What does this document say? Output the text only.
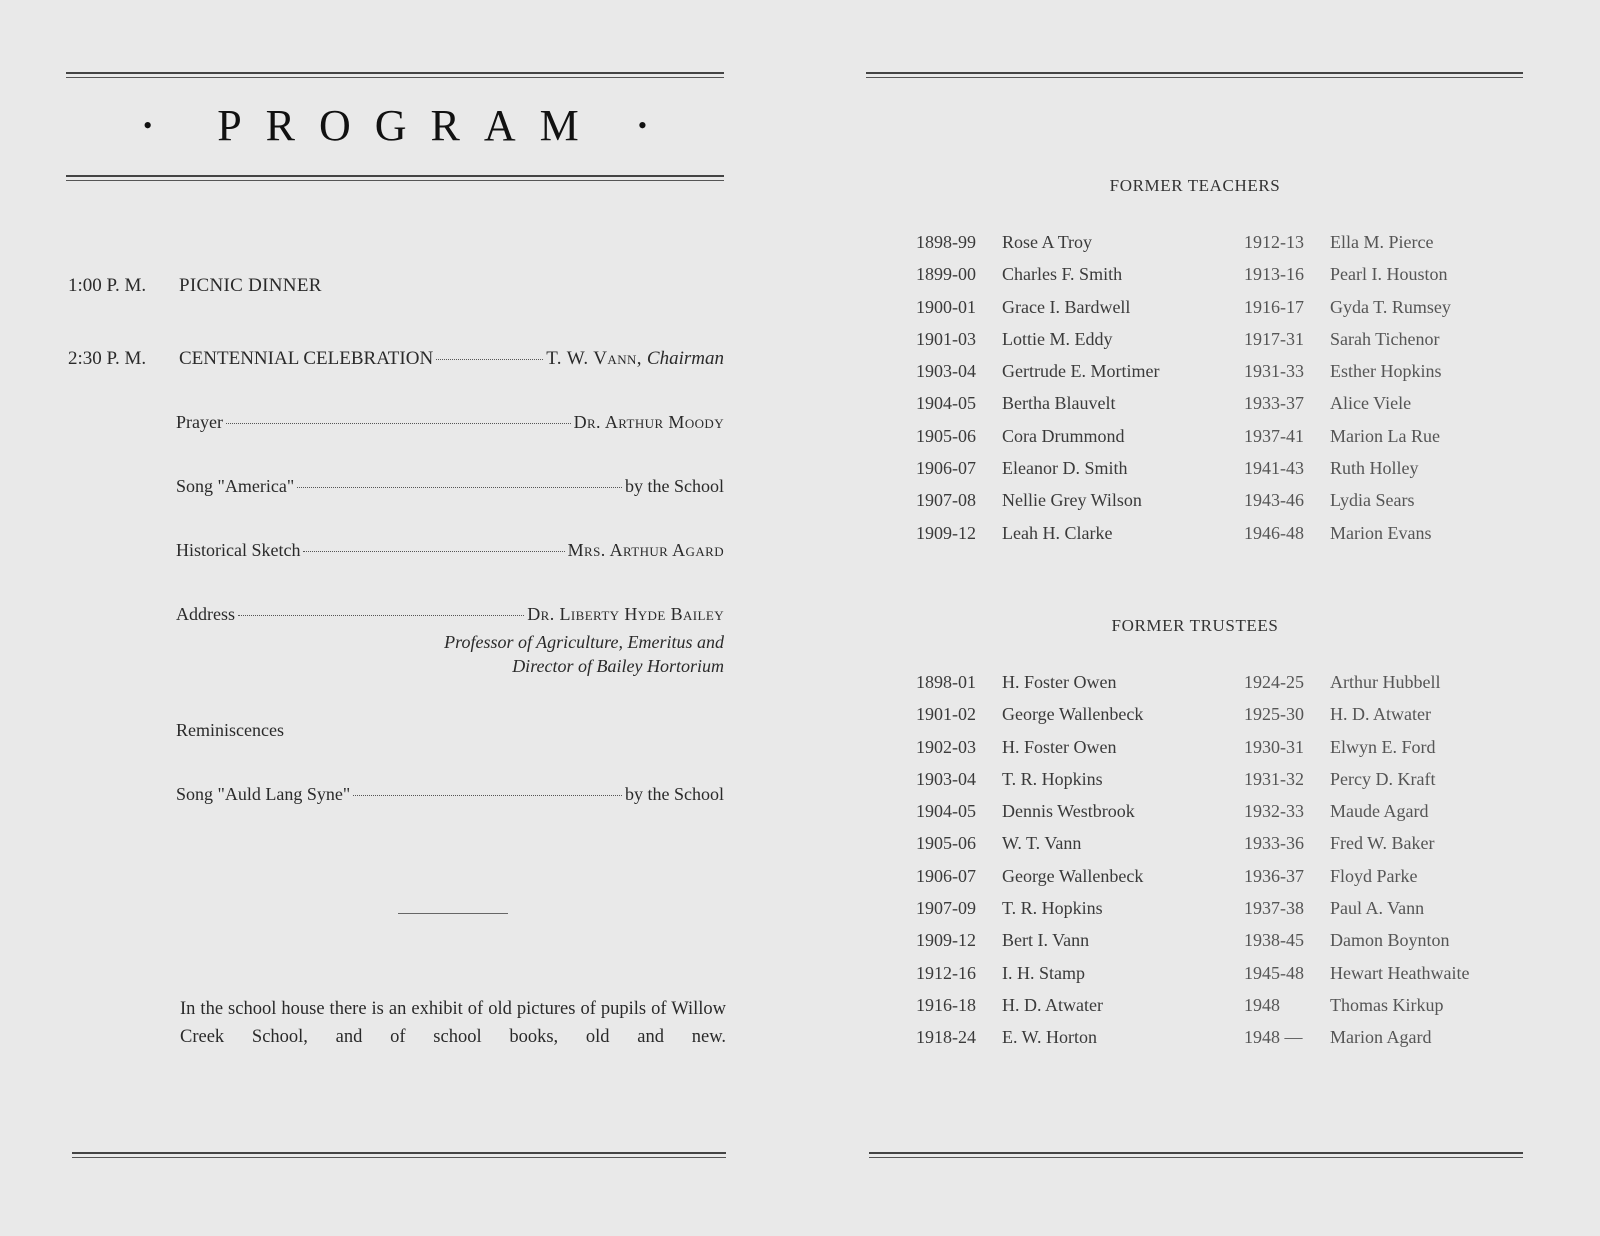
• PROGRAM •
1:00 P. M. PICNIC DINNER
2:30 P. M. CENTENNIAL CELEBRATION	T. W. Vann, Chairman
Prayer	Dr. Arthur Moody
Song "America"	by the School
Historical Sketch	Mrs. Arthur Agard
Address	Dr. Liberty Hyde Bailey
Professor of Agriculture, Emeritus and
Director of Bailey Hortorium
Reminiscences
Song "Auld Lang Syne"	by the School
In the school house there is an exhibit of old pictures of pupils of Willow Creek School, and of school books, old and new.
FORMER TEACHERS
1898-99	Rose A Troy
1899-00	Charles F. Smith
1900-01	Grace I. Bardwell
1901-03	Lottie M. Eddy
1903-04	Gertrude E. Mortimer
1904-05	Bertha Blauvelt
1905-06	Cora Drummond
1906-07	Eleanor D. Smith
1907-08	Nellie Grey Wilson
1909-12	Leah H. Clarke
1912-13	Ella M. Pierce
1913-16	Pearl I. Houston
1916-17	Gyda T. Rumsey
1917-31	Sarah Tichenor
1931-33	Esther Hopkins
1933-37	Alice Viele
1937-41	Marion La Rue
1941-43	Ruth Holley
1943-46	Lydia Sears
1946-48	Marion Evans
FORMER TRUSTEES
1898-01	H. Foster Owen
1901-02	George Wallenbeck
1902-03	H. Foster Owen
1903-04	T. R. Hopkins
1904-05	Dennis Westbrook
1905-06	W. T. Vann
1906-07	George Wallenbeck
1907-09	T. R. Hopkins
1909-12	Bert I. Vann
1912-16	I. H. Stamp
1916-18	H. D. Atwater
1918-24	E. W. Horton
1924-25	Arthur Hubbell
1925-30	H. D. Atwater
1930-31	Elwyn E. Ford
1931-32	Percy D. Kraft
1932-33	Maude Agard
1933-36	Fred W. Baker
1936-37	Floyd Parke
1937-38	Paul A. Vann
1938-45	Damon Boynton
1945-48	Hewart Heathwaite
1948	Thomas Kirkup
1948 —	Marion Agard
